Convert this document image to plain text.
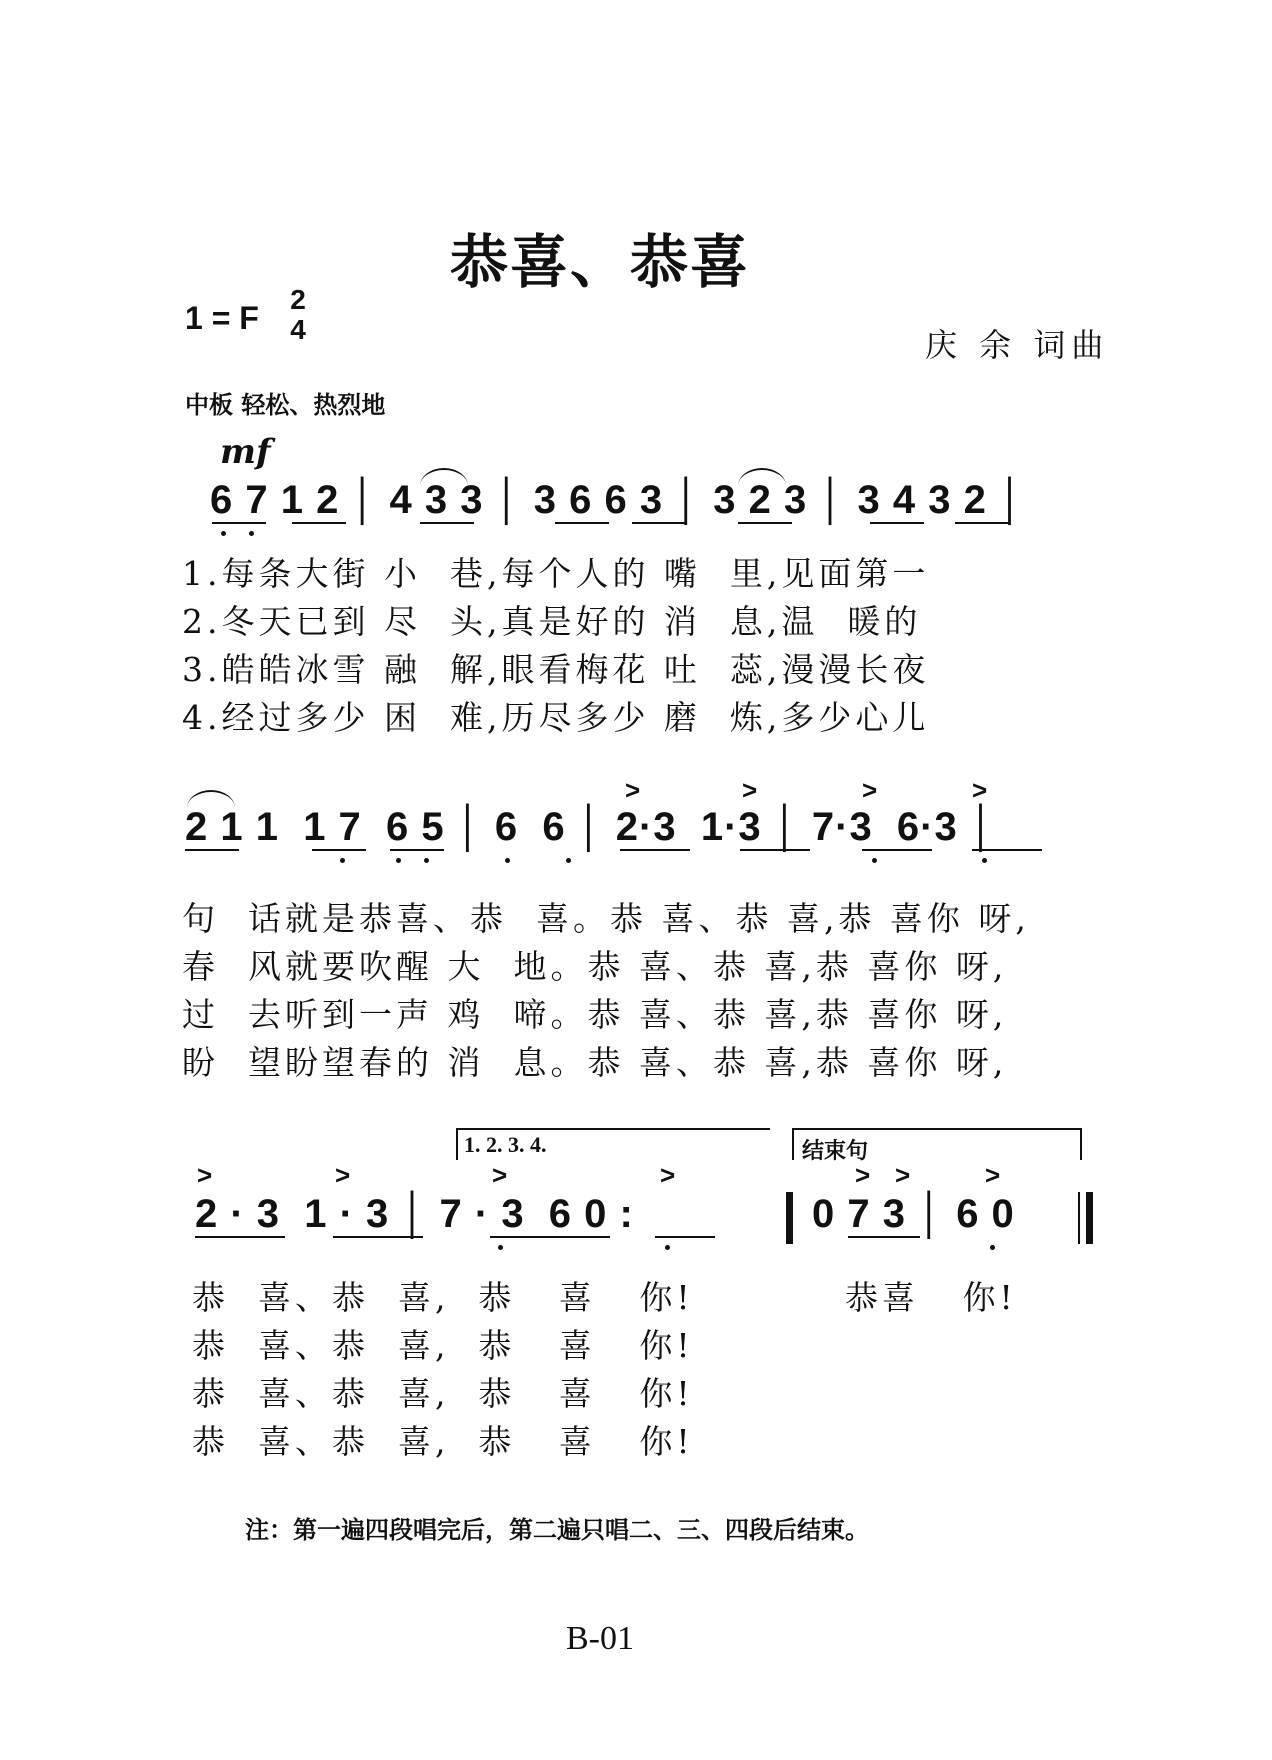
恭喜、恭喜
1 = F
2
4	庆 余 词曲
中板 轻松、热烈地
mf
6 7 1 2 │ 4 3 3 │ 3 6 6 3 │ 3 2 3 │ 3 4 3 2 │
1.每条大街 小  巷,每个人的 嘴  里,见面第一
2.冬天已到 尽  头,真是好的 消  息,温  暖的
3.皓皓冰雪 融  解,眼看梅花 吐  蕊,漫漫长夜
4.经过多少 困  难,历尽多少 磨  炼,多少心儿
2 1 1  1 7  6 5 │ 6  6 │ 2·3  1·3 │ 7·3  6·3 │
>	>	>	>
句  话就是恭喜、恭  喜。恭 喜、恭 喜,恭 喜你 呀,
春  风就要吹醒 大  地。恭 喜、恭 喜,恭 喜你 呀,
过  去听到一声 鸡  啼。恭 喜、恭 喜,恭 喜你 呀,
盼  望盼望春的 消  息。恭 喜、恭 喜,恭 喜你 呀,
1. 2. 3. 4.	结束句
>	>	>	>	> >	>
2 · 3  1 · 3 │ 7 · 3  6 0 :	0 7 3 │ 6 0
恭  喜、恭  喜,  恭   喜   你!	恭喜   你!
恭  喜、恭  喜,  恭   喜   你!
恭  喜、恭  喜,  恭   喜   你!
恭  喜、恭  喜,  恭   喜   你!
注：第一遍四段唱完后，第二遍只唱二、三、四段后结束。
B-01
